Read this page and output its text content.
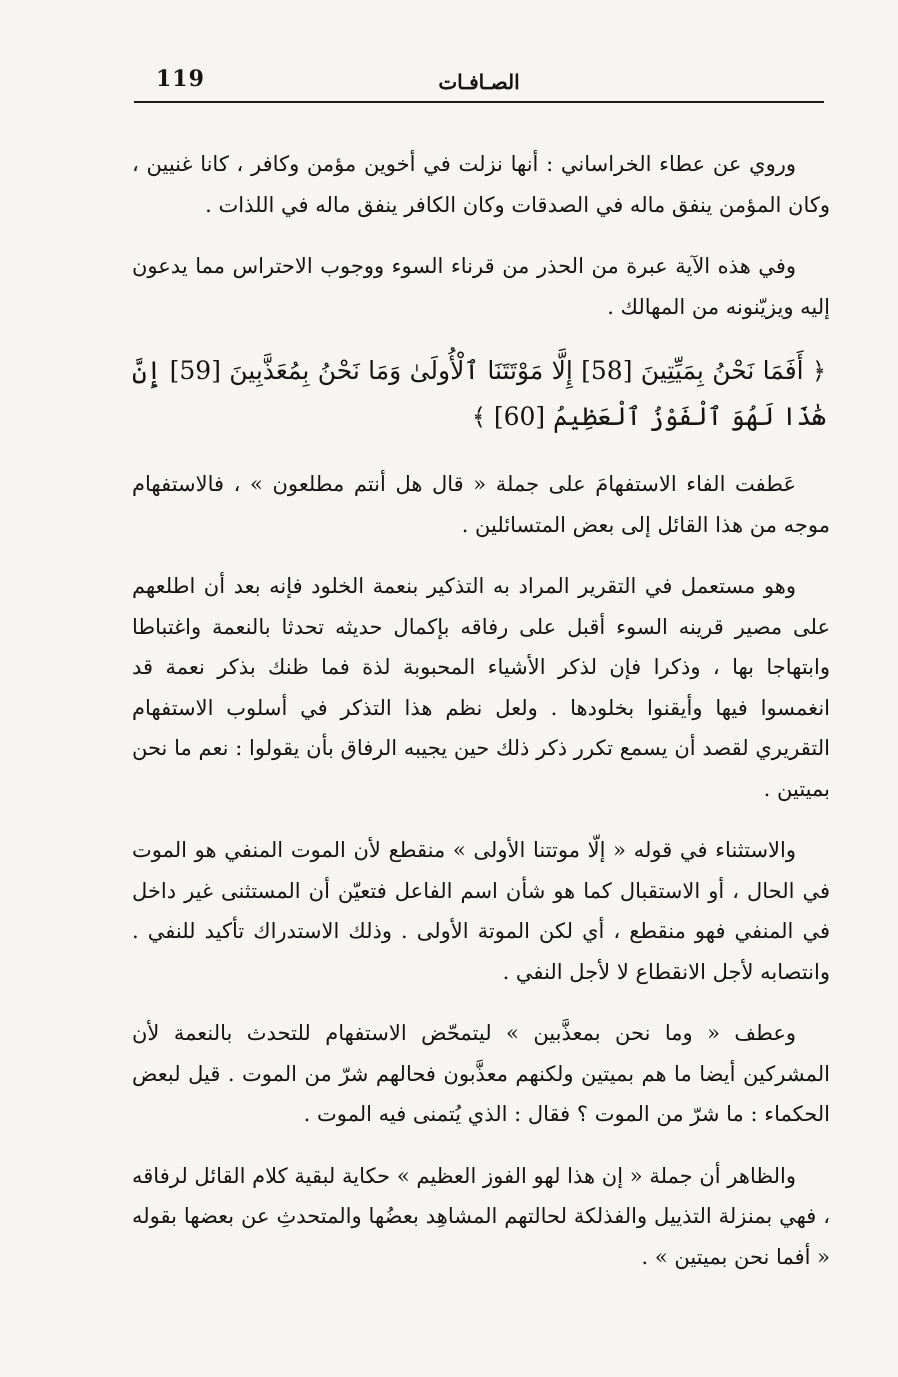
119	الصـافـات

وروي عن عطاء الخراساني : أنها نزلت في أخوين مؤمن وكافر ، كانا غنيين ، وكان المؤمن ينفق ماله في الصدقات وكان الكافر ينفق ماله في اللذات .

وفي هذه الآية عبرة من الحذر من قرناء السوء ووجوب الاحتراس مما يدعون إليه ويزيّنونه من المهالك .

﴿ أَفَمَا نَحْنُ بِمَيِّتِينَ [58] إِلَّا مَوْتَتَنَا ٱلْأُولَىٰ وَمَا نَحْنُ بِمُعَذَّبِينَ [59] إِنَّ هَٰذَا لَهُوَ ٱلْفَوْزُ ٱلْعَظِيمُ [60] ﴾

عَطفت الفاء الاستفهامَ على جملة « قال هل أنتم مطلعون » ، فالاستفهام موجه من هذا القائل إلى بعض المتسائلين .

وهو مستعمل في التقرير المراد به التذكير بنعمة الخلود فإنه بعد أن اطلعهم على مصير قرينه السوء أقبل على رفاقه بإكمال حديثه تحدثا بالنعمة واغتباطا وابتهاجا بها ، وذكرا فإن لذكر الأشياء المحبوبة لذة فما ظنك بذكر نعمة قد انغمسوا فيها وأيقنوا بخلودها . ولعل نظم هذا التذكر في أسلوب الاستفهام التقريري لقصد أن يسمع تكرر ذكر ذلك حين يجيبه الرفاق بأن يقولوا : نعم ما نحن بميتين .

والاستثناء في قوله « إلّا موتتنا الأولى » منقطع لأن الموت المنفي هو الموت في الحال ، أو الاستقبال كما هو شأن اسم الفاعل فتعيّن أن المستثنى غير داخل في المنفي فهو منقطع ، أي لكن الموتة الأولى . وذلك الاستدراك تأكيد للنفي . وانتصابه لأجل الانقطاع لا لأجل النفي .

وعطف « وما نحن بمعذَّبين » ليتمحّض الاستفهام للتحدث بالنعمة لأن المشركين أيضا ما هم بميتين ولكنهم معذَّبون فحالهم شرّ من الموت . قيل لبعض الحكماء : ما شرّ من الموت ؟ فقال : الذي يُتمنى فيه الموت .

والظاهر أن جملة « إن هذا لهو الفوز العظيم » حكاية لبقية كلام القائل لرفاقه ، فهي بمنزلة التذييل والفذلكة لحالتهم المشاهِد بعضُها والمتحدثِ عن بعضها بقوله « أفما نحن بميتين » .
